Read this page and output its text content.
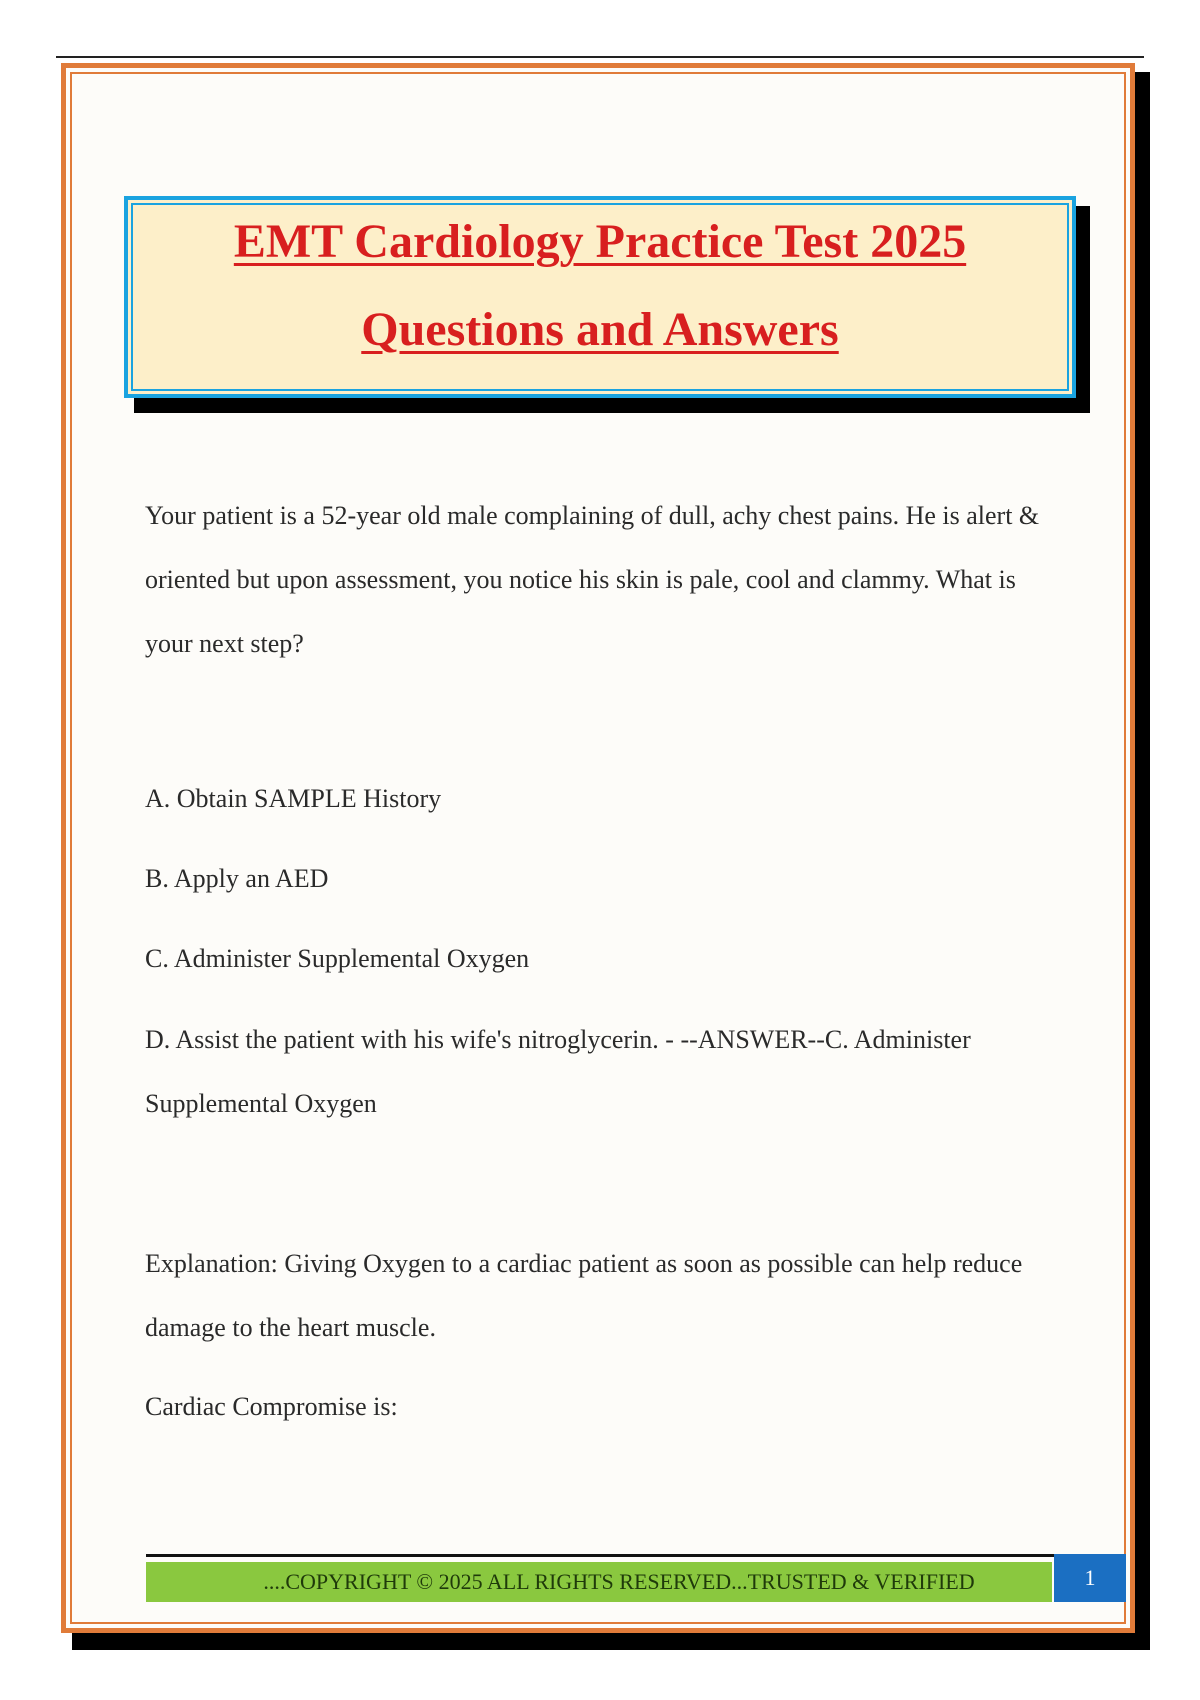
EMT Cardiology Practice Test 2025
Questions and Answers
Your patient is a 52-year old male complaining of dull, achy chest pains. He is alert & oriented but upon assessment, you notice his skin is pale, cool and clammy. What is your next step?
A. Obtain SAMPLE History
B. Apply an AED
C. Administer Supplemental Oxygen
D. Assist the patient with his wife's nitroglycerin. - --ANSWER--C. Administer Supplemental Oxygen
Explanation: Giving Oxygen to a cardiac patient as soon as possible can help reduce damage to the heart muscle.
Cardiac Compromise is:
....COPYRIGHT © 2025 ALL RIGHTS RESERVED...TRUSTED & VERIFIED	1
